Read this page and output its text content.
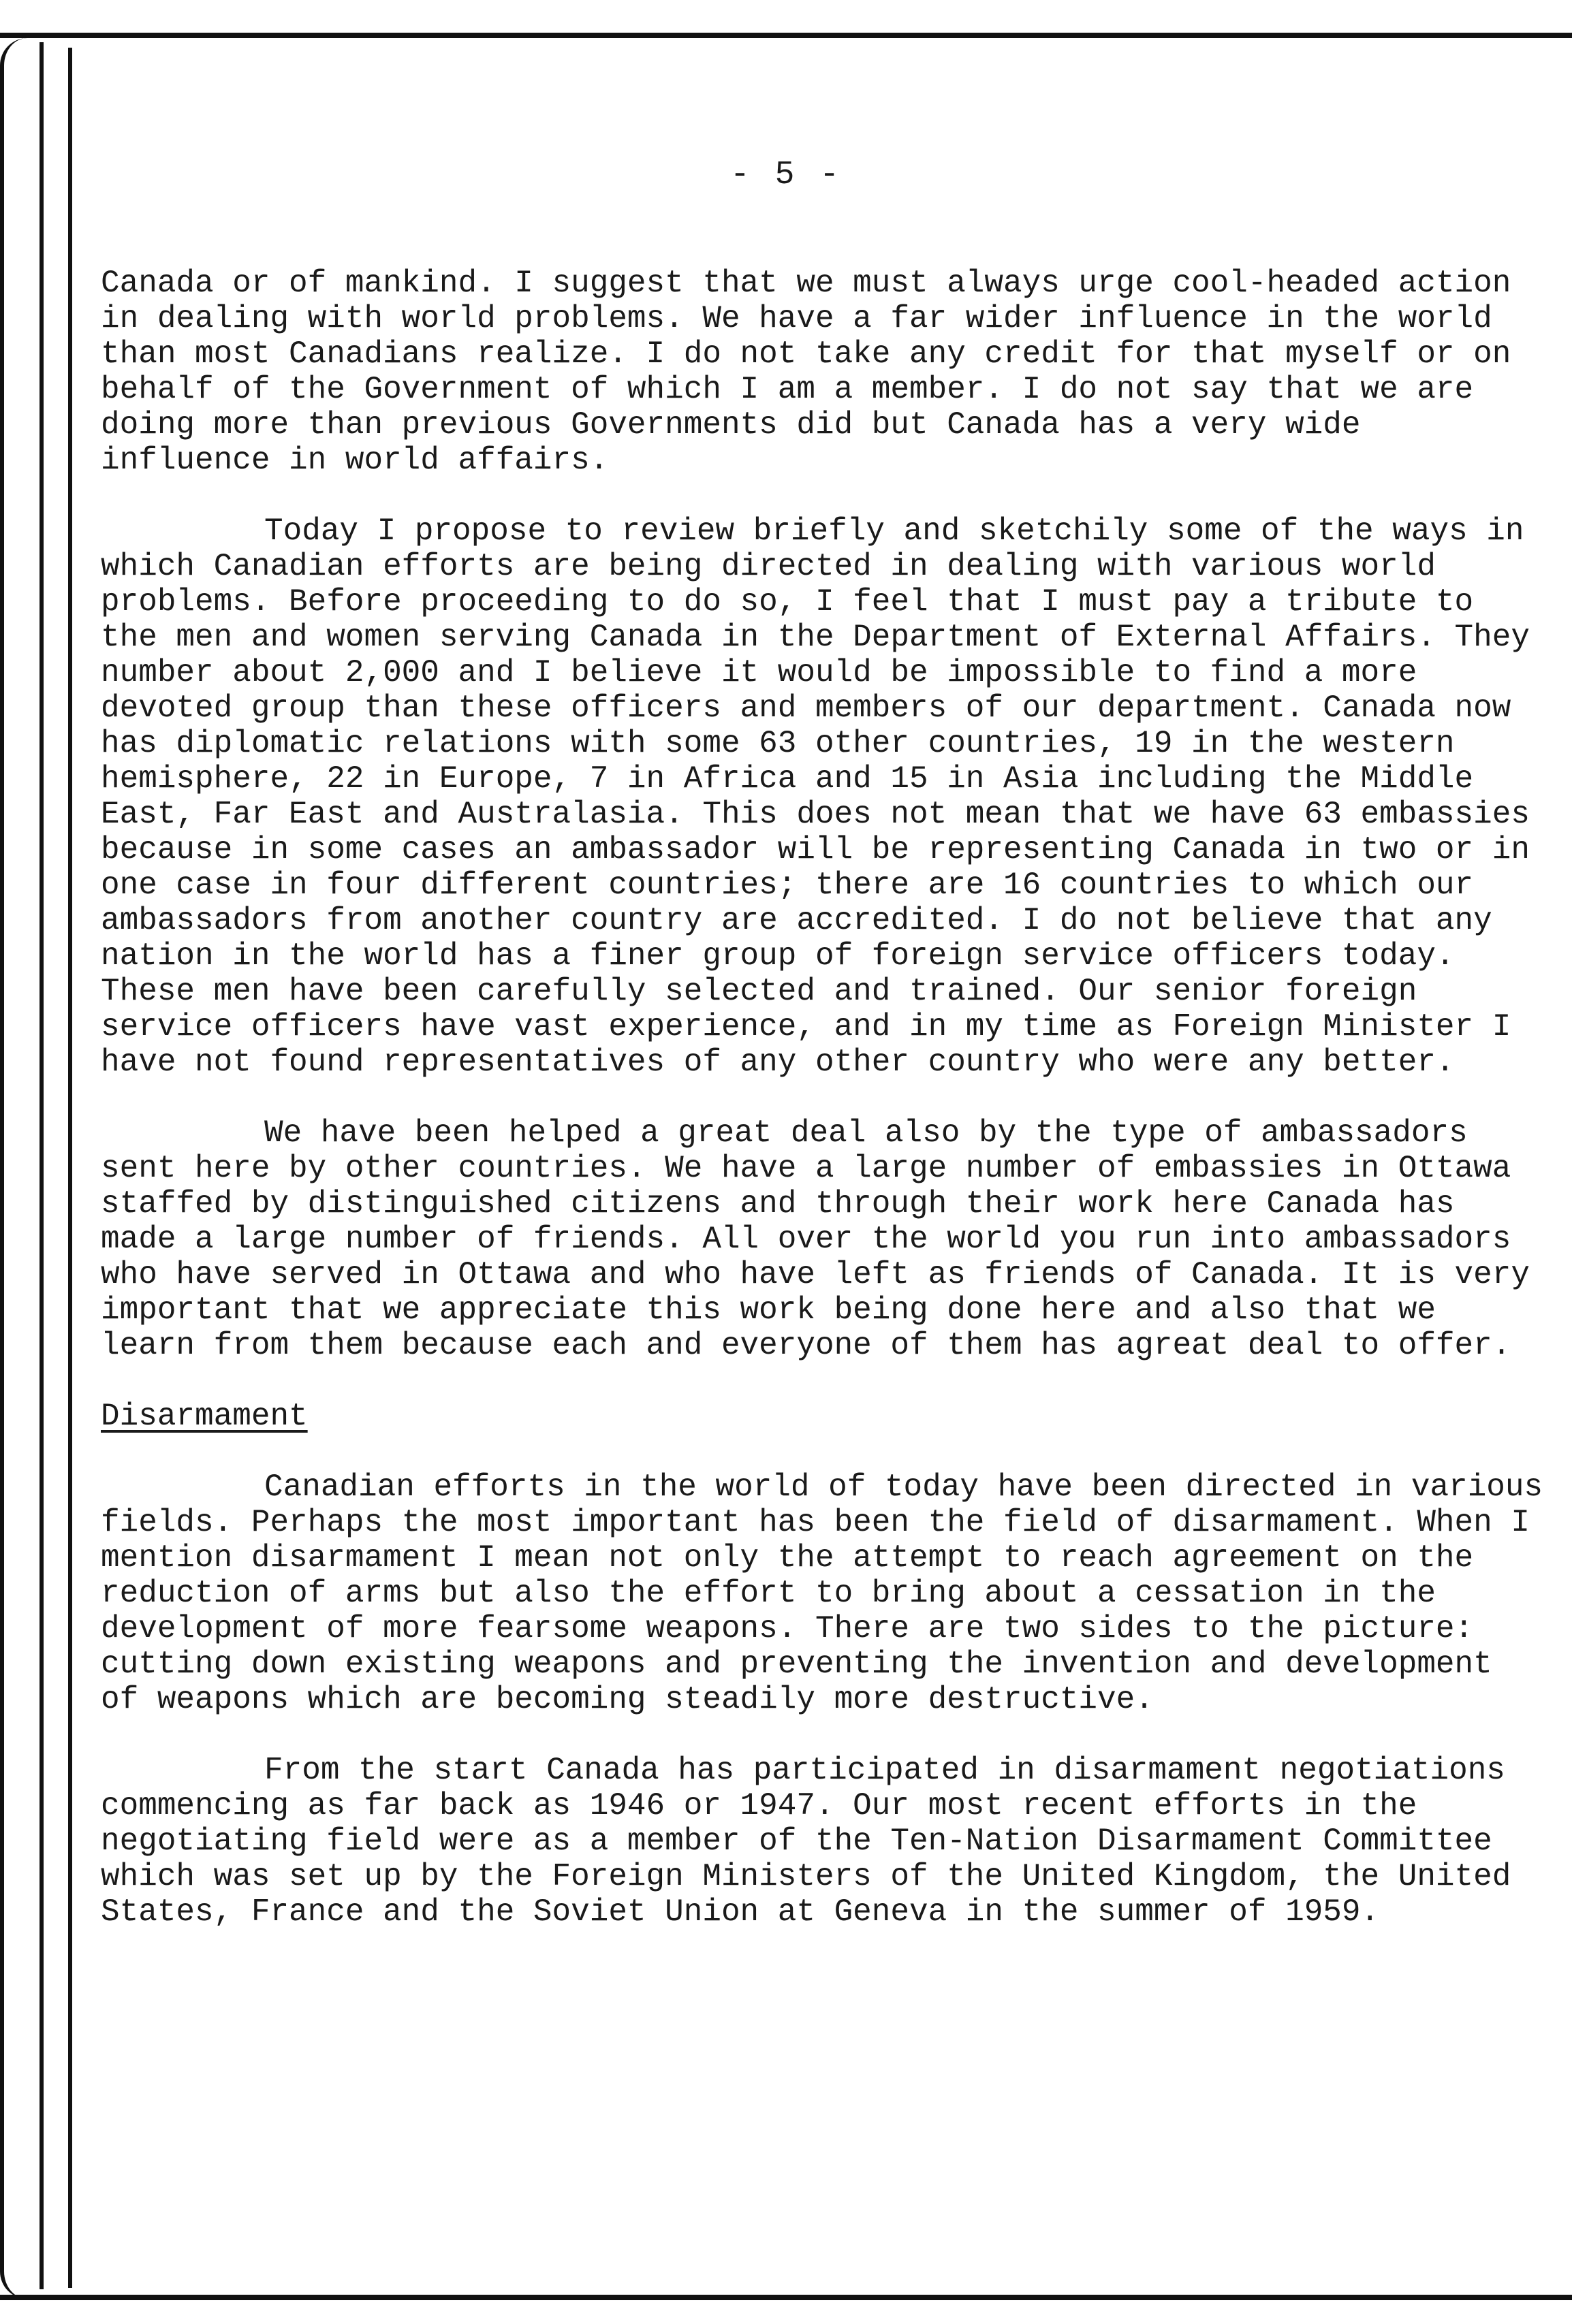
- 5 -

Canada or of mankind. I suggest that we must always urge cool-headed action in dealing with world problems. We have a far wider influence in the world than most Canadians realize. I do not take any credit for that myself or on behalf of the Government of which I am a member. I do not say that we are doing more than previous Governments did but Canada has a very wide influence in world affairs.

Today I propose to review briefly and sketchily some of the ways in which Canadian efforts are being directed in dealing with various world problems. Before proceeding to do so, I feel that I must pay a tribute to the men and women serving Canada in the Department of External Affairs. They number about 2,000 and I believe it would be impossible to find a more devoted group than these officers and members of our department. Canada now has diplomatic relations with some 63 other countries, 19 in the western hemisphere, 22 in Europe, 7 in Africa and 15 in Asia including the Middle East, Far East and Australasia. This does not mean that we have 63 embassies because in some cases an ambassador will be representing Canada in two or in one case in four different countries; there are 16 countries to which our ambassadors from another country are accredited. I do not believe that any nation in the world has a finer group of foreign service officers today. These men have been carefully selected and trained. Our senior foreign service officers have vast experience, and in my time as Foreign Minister I have not found representatives of any other country who were any better.

We have been helped a great deal also by the type of ambassadors sent here by other countries. We have a large number of embassies in Ottawa staffed by distinguished citizens and through their work here Canada has made a large number of friends. All over the world you run into ambassadors who have served in Ottawa and who have left as friends of Canada. It is very important that we appreciate this work being done here and also that we learn from them because each and everyone of them has agreat deal to offer.

Disarmament

Canadian efforts in the world of today have been directed in various fields. Perhaps the most important has been the field of disarmament. When I mention disarmament I mean not only the attempt to reach agreement on the reduction of arms but also the effort to bring about a cessation in the development of more fearsome weapons. There are two sides to the picture: cutting down existing weapons and preventing the invention and development of weapons which are becoming steadily more destructive.

From the start Canada has participated in disarmament negotiations commencing as far back as 1946 or 1947. Our most recent efforts in the negotiating field were as a member of the Ten-Nation Disarmament Committee which was set up by the Foreign Ministers of the United Kingdom, the United States, France and the Soviet Union at Geneva in the summer of 1959.
